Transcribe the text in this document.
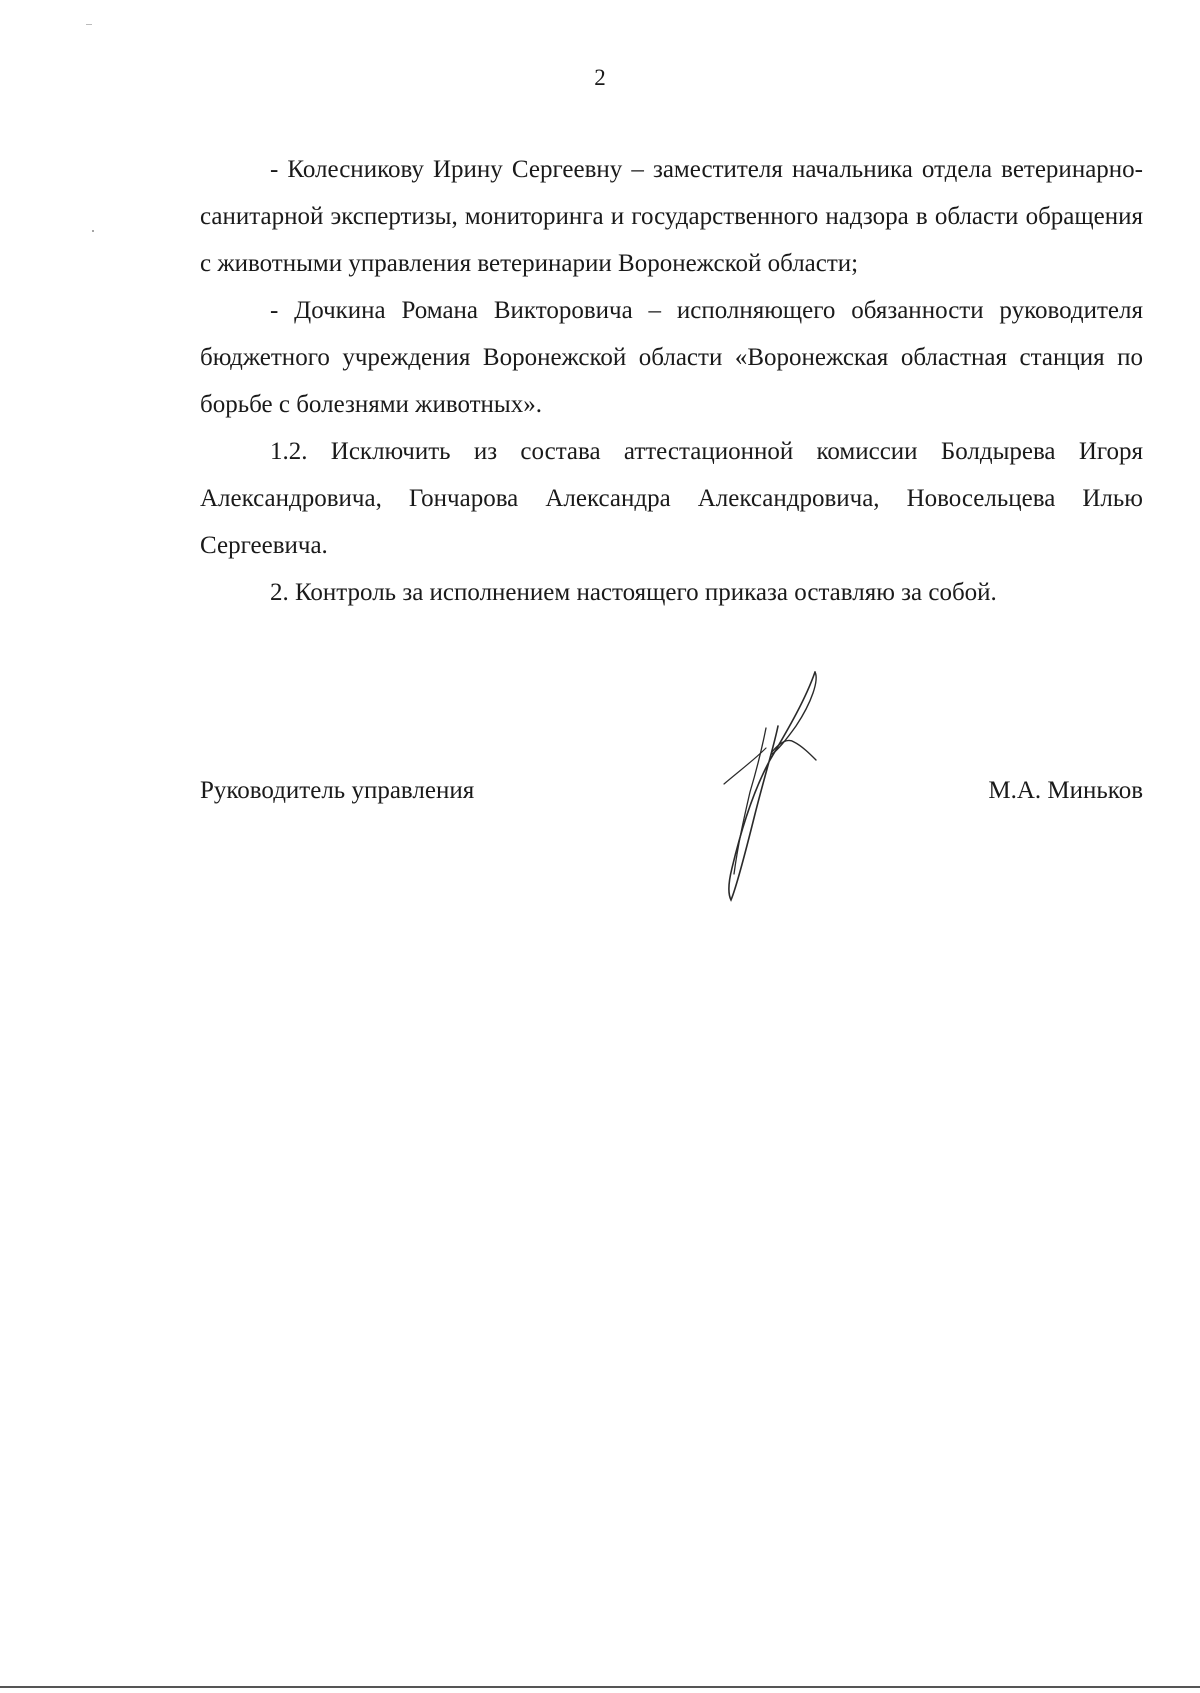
2

- Колесникову Ирину Сергеевну – заместителя начальника отдела ветеринарно-санитарной экспертизы, мониторинга и государственного надзора в области обращения с животными управления ветеринарии Воронежской области;

- Дочкина Романа Викторовича – исполняющего обязанности руководителя бюджетного учреждения Воронежской области «Воронежская областная станция по борьбе с болезнями животных».

1.2. Исключить из состава аттестационной комиссии Болдырева Игоря Александровича, Гончарова Александра Александровича, Новосельцева Илью Сергеевича.

2. Контроль за исполнением настоящего приказа оставляю за собой.

Руководитель управления	М.А. Миньков
